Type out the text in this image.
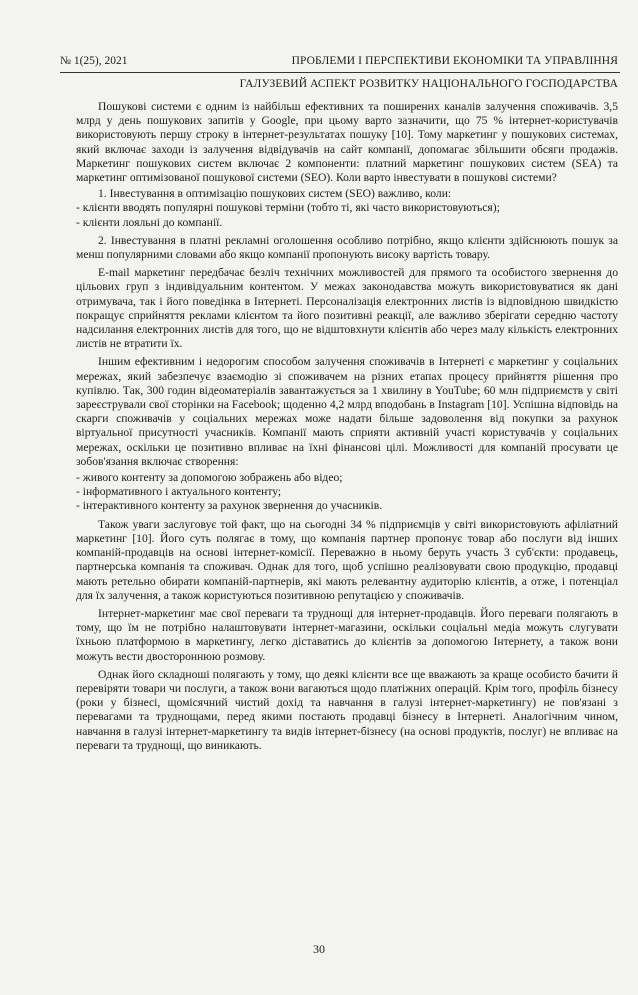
№ 1(25), 2021	ПРОБЛЕМИ І ПЕРСПЕКТИВИ ЕКОНОМІКИ ТА УПРАВЛІННЯ
ГАЛУЗЕВИЙ АСПЕКТ РОЗВИТКУ НАЦІОНАЛЬНОГО ГОСПОДАРСТВА

Пошукові системи є одним із найбільш ефективних та поширених каналів залучення споживачів. 3,5 млрд у день пошукових запитів у Google, при цьому варто зазначити, що 75 % інтернет-користувачів використовують першу строку в інтернет-результатах пошуку [10]. Тому маркетинг у пошукових системах, який включає заходи із залучення відвідувачів на сайт компанії, допомагає збільшити обсяги продажів. Маркетинг пошукових систем включає 2 компоненти: платний маркетинг пошукових систем (SEA) та маркетинг оптимізованої пошукової системи (SEO). Коли варто інвестувати в пошукові системи?

1. Інвестування в оптимізацію пошукових систем (SEO) важливо, коли:

- клієнти вводять популярні пошукові терміни (тобто ті, які часто використовуються);

- клієнти лояльні до компанії.

2. Інвестування в платні рекламні оголошення особливо потрібно, якщо клієнти здійснюють пошук за менш популярними словами або якщо компанії пропонують високу вартість товару.

E-mail маркетинг передбачає безліч технічних можливостей для прямого та особистого звернення до цільових груп з індивідуальним контентом. У межах законодавства можуть використовуватися як дані отримувача, так і його поведінка в Інтернеті. Персоналізація електронних листів із відповідною швидкістю покращує сприйняття реклами клієнтом та його позитивні реакції, але важливо зберігати середню частоту надсилання електронних листів для того, що не відштовхнути клієнтів або через малу кількість електронних листів не втратити їх.

Іншим ефективним і недорогим способом залучення споживачів в Інтернеті є маркетинг у соціальних мережах, який забезпечує взаємодію зі споживачем на різних етапах процесу прийняття рішення про купівлю. Так, 300 годин відеоматеріалів завантажується за 1 хвилину в YouTube; 60 млн підприємств у світі зареєстрували свої сторінки на Facebook; щоденно 4,2 млрд вподобань в Instagram [10]. Успішна відповідь на скарги споживачів у соціальних мережах може надати більше задоволення від покупки за рахунок віртуальної присутності учасників. Компанії мають сприяти активній участі користувачів у соціальних мережах, оскільки це позитивно впливає на їхні фінансові цілі. Можливості для компаній просувати це зобов'язання включає створення:

- живого контенту за допомогою зображень або відео;

- інформативного і актуального контенту;

- інтерактивного контенту за рахунок звернення до учасників.

Також уваги заслуговує той факт, що на сьогодні 34 % підприємців у світі використовують афіліатний маркетинг [10]. Його суть полягає в тому, що компанія партнер пропонує товар або послуги від інших компаній-продавців на основі інтернет-комісії. Переважно в ньому беруть участь 3 суб'єкти: продавець, партнерська компанія та споживач. Однак для того, щоб успішно реалізовувати свою продукцію, продавці мають ретельно обирати компаній-партнерів, які мають релевантну аудиторію клієнтів, а отже, і потенціал для їх залучення, а також користуються позитивною репутацією у споживачів.

Інтернет-маркетинг має свої переваги та труднощі для інтернет-продавців. Його переваги полягають в тому, що їм не потрібно налаштовувати інтернет-магазини, оскільки соціальні медіа можуть слугувати їхньою платформою в маркетингу, легко діставатись до клієнтів за допомогою Інтернету, а також вони можуть вести двостороннюю розмову.

Однак його складноші полягають у тому, що деякі клієнти все ще вважають за краще особисто бачити й перевіряти товари чи послуги, а також вони вагаються щодо платіжних операцій. Крім того, профіль бізнесу (роки у бізнесі, щомісячний чистий дохід та навчання в галузі інтернет-маркетингу) не пов'язані з перевагами та труднощами, перед якими постають продавці бізнесу в Інтернеті. Аналогічним чином, навчання в галузі інтернет-маркетингу та видів інтернет-бізнесу (на основі продуктів, послуг) не впливає на переваги та труднощі, що виникають.

30
